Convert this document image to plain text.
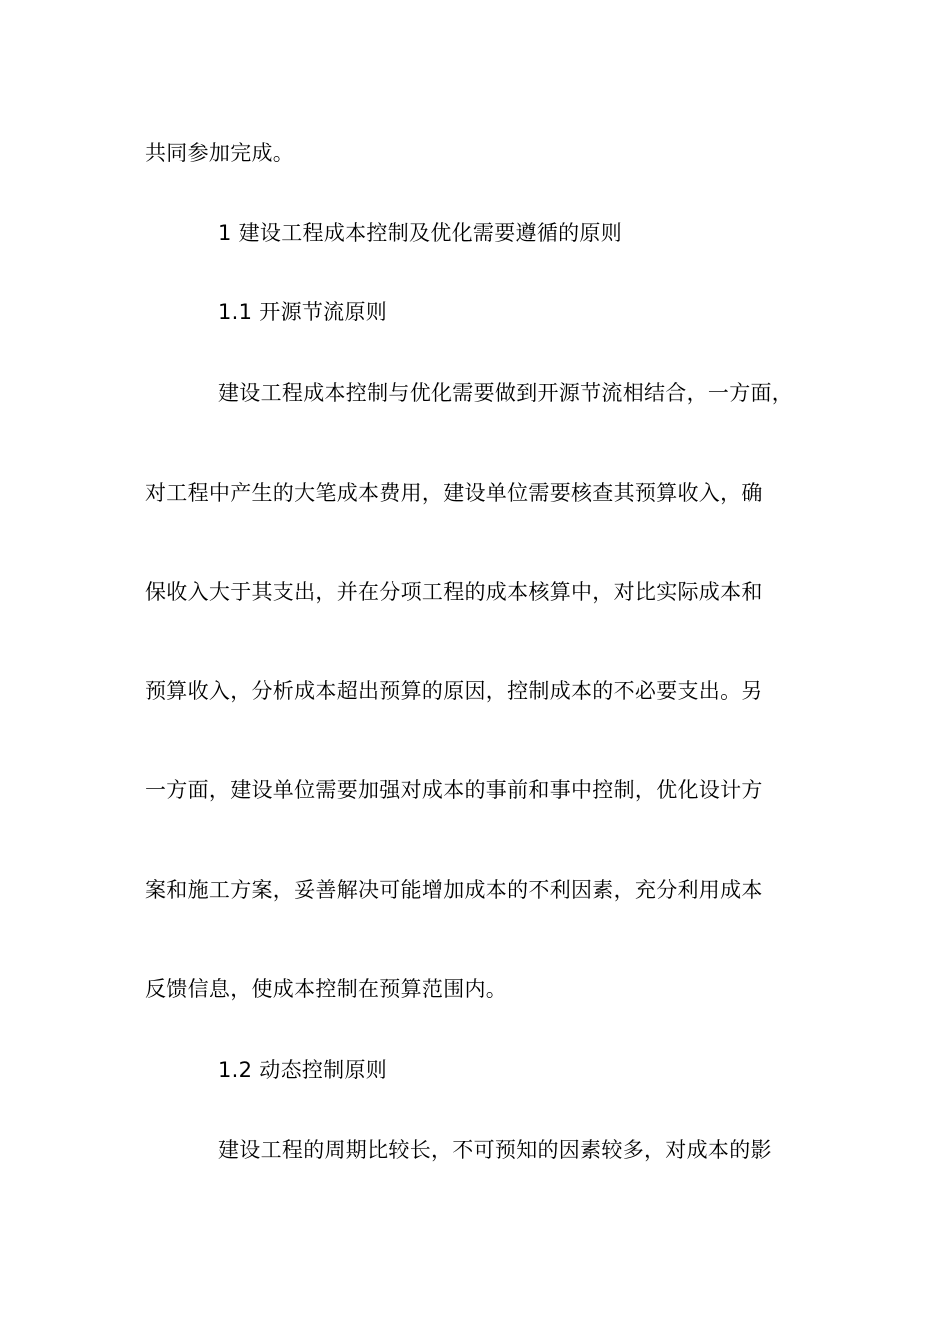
共同参加完成。
1 建设工程成本控制及优化需要遵循的原则
1.1 开源节流原则
建设工程成本控制与优化需要做到开源节流相结合，一方面，
对工程中产生的大笔成本费用，建设单位需要核查其预算收入，确
保收入大于其支出，并在分项工程的成本核算中，对比实际成本和
预算收入，分析成本超出预算的原因，控制成本的不必要支出。另
一方面，建设单位需要加强对成本的事前和事中控制，优化设计方
案和施工方案，妥善解决可能增加成本的不利因素，充分利用成本
反馈信息，使成本控制在预算范围内。
1.2 动态控制原则
建设工程的周期比较长，不可预知的因素较多，对成本的影
